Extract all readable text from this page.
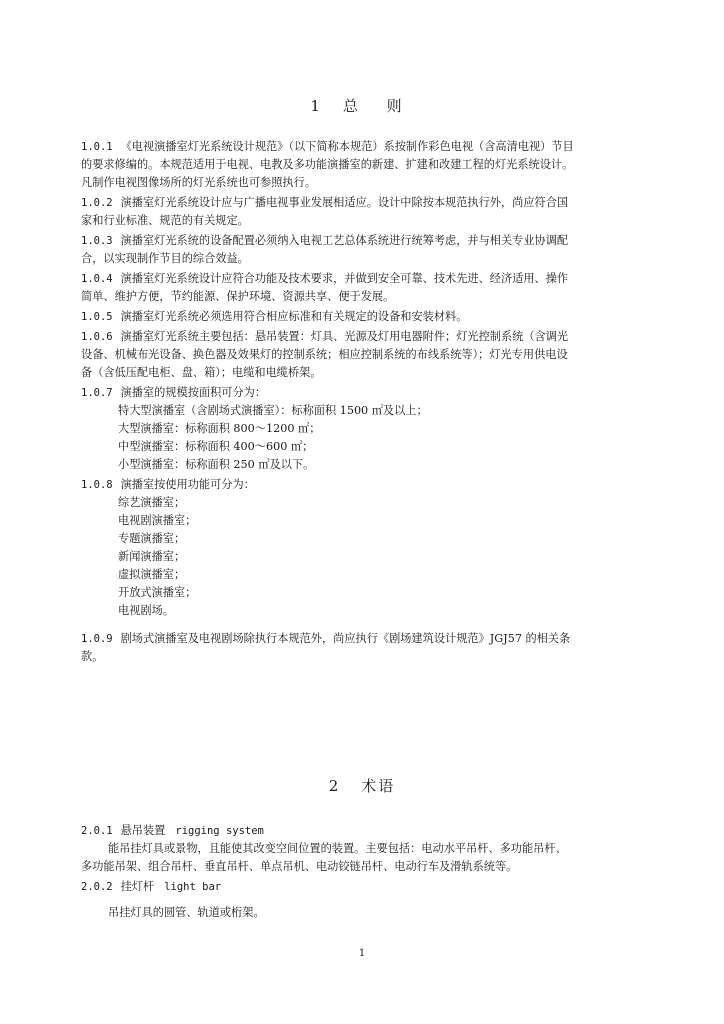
1 总 则
1.0.1 《电视演播室灯光系统设计规范》（以下简称本规范）系按制作彩色电视（含高清电视）节目
的要求修编的。本规范适用于电视、电教及多功能演播室的新建、扩建和改建工程的灯光系统设计。
凡制作电视图像场所的灯光系统也可参照执行。
1.0.2 演播室灯光系统设计应与广播电视事业发展相适应。设计中除按本规范执行外，尚应符合国
家和行业标准、规范的有关规定。
1.0.3 演播室灯光系统的设备配置必须纳入电视工艺总体系统进行统筹考虑，并与相关专业协调配
合，以实现制作节目的综合效益。
1.0.4 演播室灯光系统设计应符合功能及技术要求，并做到安全可靠、技术先进、经济适用、操作
简单、维护方便，节约能源、保护环境、资源共享、便于发展。
1.0.5 演播室灯光系统必须选用符合相应标准和有关规定的设备和安装材料。
1.0.6 演播室灯光系统主要包括：悬吊装置：灯具、光源及灯用电器附件；灯光控制系统（含调光
设备、机械布光设备、换色器及效果灯的控制系统；相应控制系统的布线系统等）；灯光专用供电设
备（含低压配电柜、盘、箱）；电缆和电缆桥架。
1.0.7 演播室的规模按面积可分为：
特大型演播室（含剧场式演播室）：标称面积 1500 ㎡及以上；
大型演播室：标称面积 800～1200 ㎡；
中型演播室：标称面积 400～600 ㎡；
小型演播室：标称面积 250 ㎡及以下。
1.0.8 演播室按使用功能可分为：
综艺演播室；
电视剧演播室；
专题演播室；
新闻演播室；
虚拟演播室；
开放式演播室；
电视剧场。
1.0.9 剧场式演播室及电视剧场除执行本规范外，尚应执行《剧场建筑设计规范》JGJ57 的相关条
款。
2 术语
2.0.1 悬吊装置 rigging system
能吊挂灯具或景物，且能使其改变空间位置的装置。主要包括：电动水平吊杆、多功能吊杆、
多功能吊架、组合吊杆、垂直吊杆、单点吊机、电动铰链吊杆、电动行车及滑轨系统等。
2.0.2 挂灯杆 light bar
吊挂灯具的圆管、轨道或桁架。
1
